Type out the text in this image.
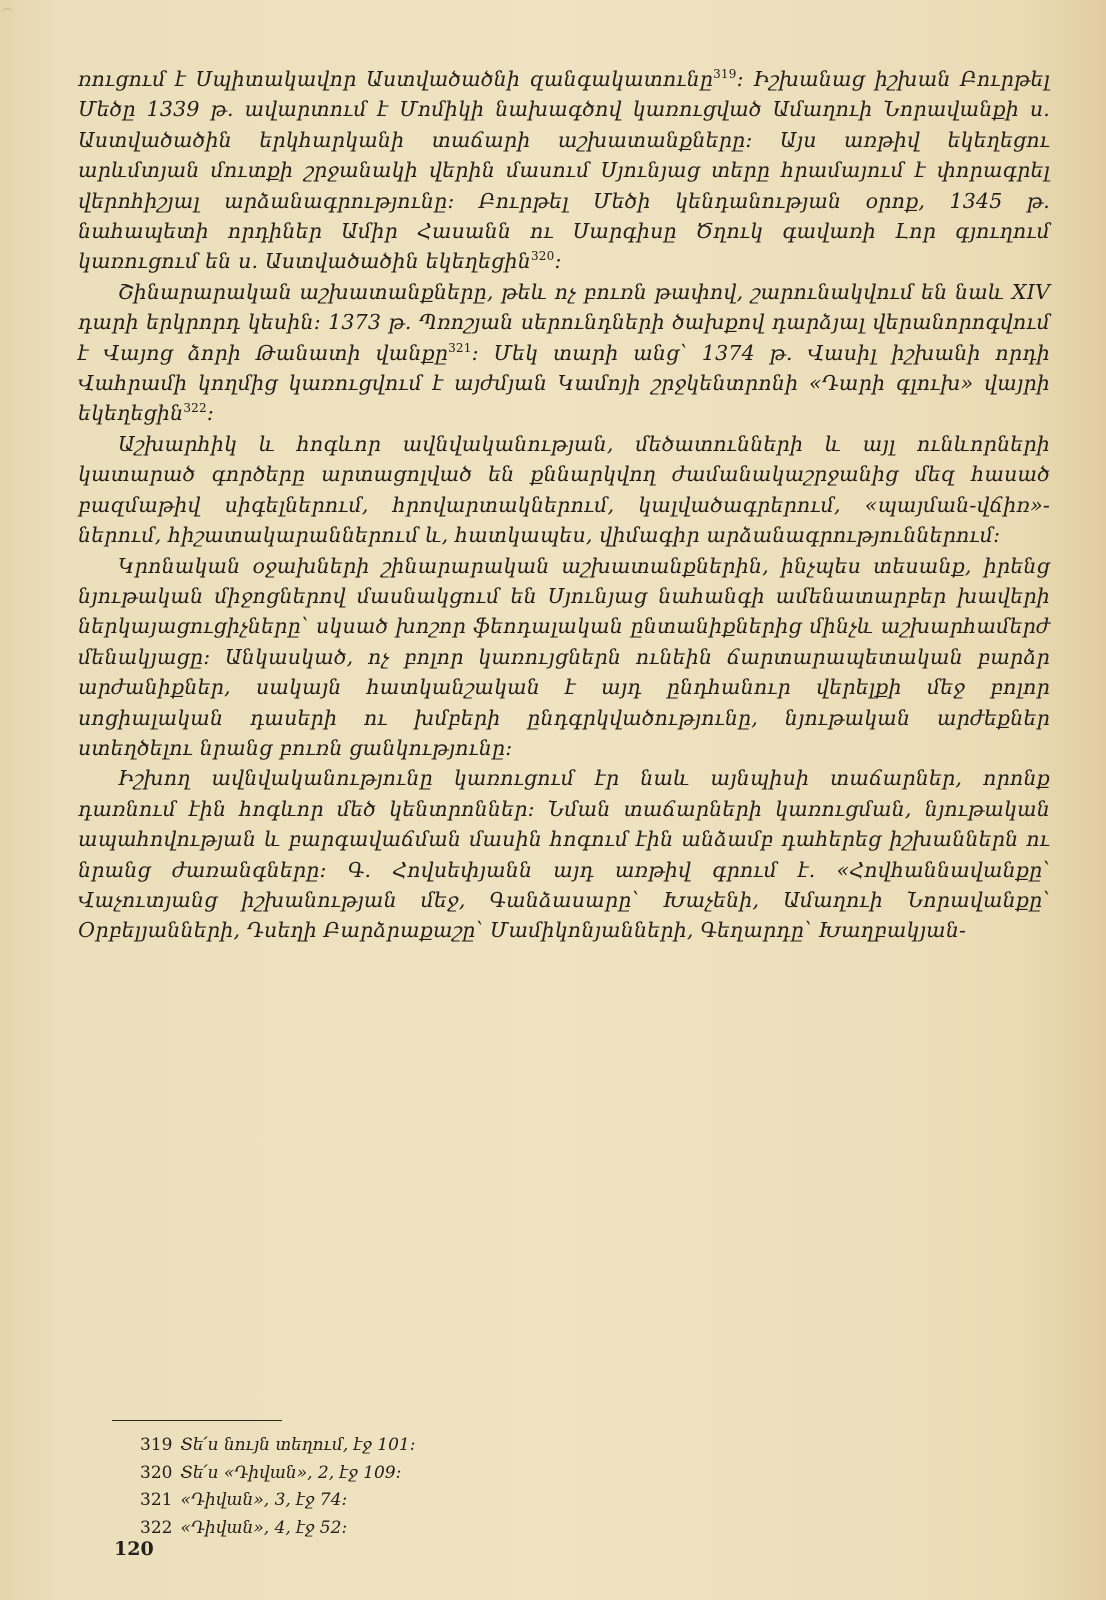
⌒

ռուցում է Սպիտակավոր Աստվածածնի զանգակատունը$^{319}$: Իշխանաց իշխան Բուրթել Մեծը 1339 թ. ավարտում է Մոմիկի նախագծով կառուցված Ամաղուի Նորավանքի ս. Աստվածածին երկհարկանի տաճարի աշխատանքները: Այս առթիվ եկեղեցու արևմտյան մուտքի շրջանակի վերին մասում Սյունյաց տերը հրամայում է փորագրել վերոհիշյալ արձանագրությունը: Բուրթել Մեծի կենդանության օրոք, 1345 թ. նահապետի որդիներ Ամիր Հասանն ու Սարգիսը Ծղուկ գավառի Լոր գյուղում կառուցում են ս. Աստվածածին եկեղեցին$^{320}$:

Շինարարական աշխատանքները, թեև ոչ բուռն թափով, շարունակվում են նաև XIV դարի երկրորդ կեսին: 1373 թ. Պռոշյան սերունդների ծախքով դարձյալ վերանորոգվում է Վայոց ձորի Թանատի վանքը$^{321}$: Մեկ տարի անց՝ 1374 թ. Վասիլ իշխանի որդի Վահրամի կողմից կառուցվում է այժմյան Կամոյի շրջկենտրոնի «Դարի գլուխ» վայրի եկեղեցին$^{322}$:

Աշխարհիկ և հոգևոր ավնվականության, մեծատունների և այլ ունևորների կատարած գործերը արտացոլված են քննարկվող ժամանակաշրջանից մեզ հասած բազմաթիվ սիգելներում, հրովարտակներում, կալվածագրերում, «պայման-վճիռ»-ներում, հիշատակարաններում և, հատկապես, վիմագիր արձանագրություններում:

Կրոնական օջախների շինարարական աշխատանքներին, ինչպես տեսանք, իրենց նյութական միջոցներով մասնակցում են Սյունյաց նահանգի ամենատարբեր խավերի ներկայացուցիչները՝ սկսած խոշոր ֆեոդալական ընտանիքներից մինչև աշխարհամերժ մենակյացը: Անկասկած, ոչ բոլոր կառույցներն ունեին ճարտարապետական բարձր արժանիքներ, սակայն հատկանշական է այդ ընդհանուր վերելքի մեջ բոլոր սոցիալական դասերի ու խմբերի ընդգրկվածությունը, նյութական արժեքներ ստեղծելու նրանց բուռն ցանկությունը:

Իշխող ավնվականությունը կառուցում էր նաև այնպիսի տաճարներ, որոնք դառնում էին հոգևոր մեծ կենտրոններ: Նման տաճարների կառուցման, նյութական ապահովության և բարգավաճման մասին հոգում էին անձամբ դահերեց իշխաններն ու նրանց ժառանգները: Գ. Հովսեփյանն այդ առթիվ գրում է. «Հովհաննավանքը՝ Վաչուտյանց իշխանության մեջ, Գանձասարը՝ Խաչենի, Ամաղուի Նորավանքը՝ Օրբելյանների, Դսեղի Բարձրաքաշը՝ Մամիկոնյանների, Գեղարդը՝ Խաղբակյան-

319 Տե՛ս նույն տեղում, էջ 101:
320 Տե՛ս «Դիվան», 2, էջ 109:
321 «Դիվան», 3, էջ 74:
322 «Դիվան», 4, էջ 52:
120
